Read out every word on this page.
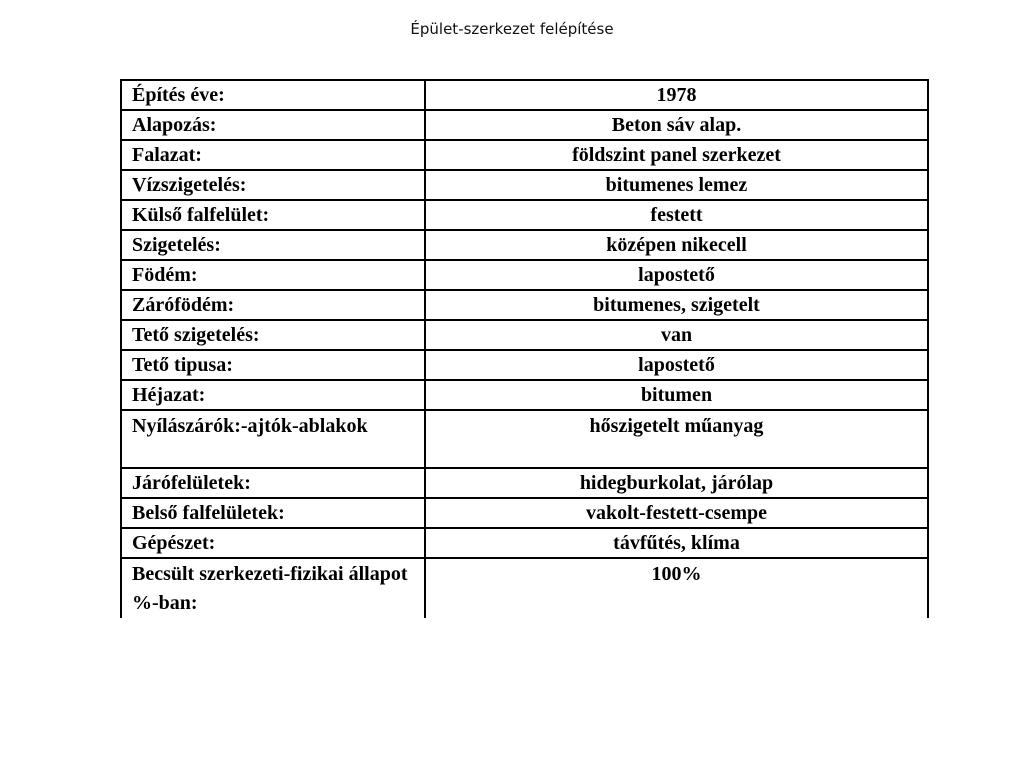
Épület-szerkezet felépítése
Építés éve:	1978
Alapozás:	Beton sáv alap.
Falazat:	földszint panel szerkezet
Vízszigetelés:	bitumenes lemez
Külső falfelület:	festett
Szigetelés:	középen nikecell
Födém:	lapostető
Zárófödém:	bitumenes, szigetelt
Tető szigetelés:	van
Tető tipusa:	lapostető
Héjazat:	bitumen
Nyílászárók:-ajtók-ablakok	hőszigetelt műanyag
Járófelületek:	hidegburkolat, járólap
Belső falfelületek:	vakolt-festett-csempe
Gépészet:	távfűtés, klíma
Becsült szerkezeti-fizikai állapot %-ban:	100%
